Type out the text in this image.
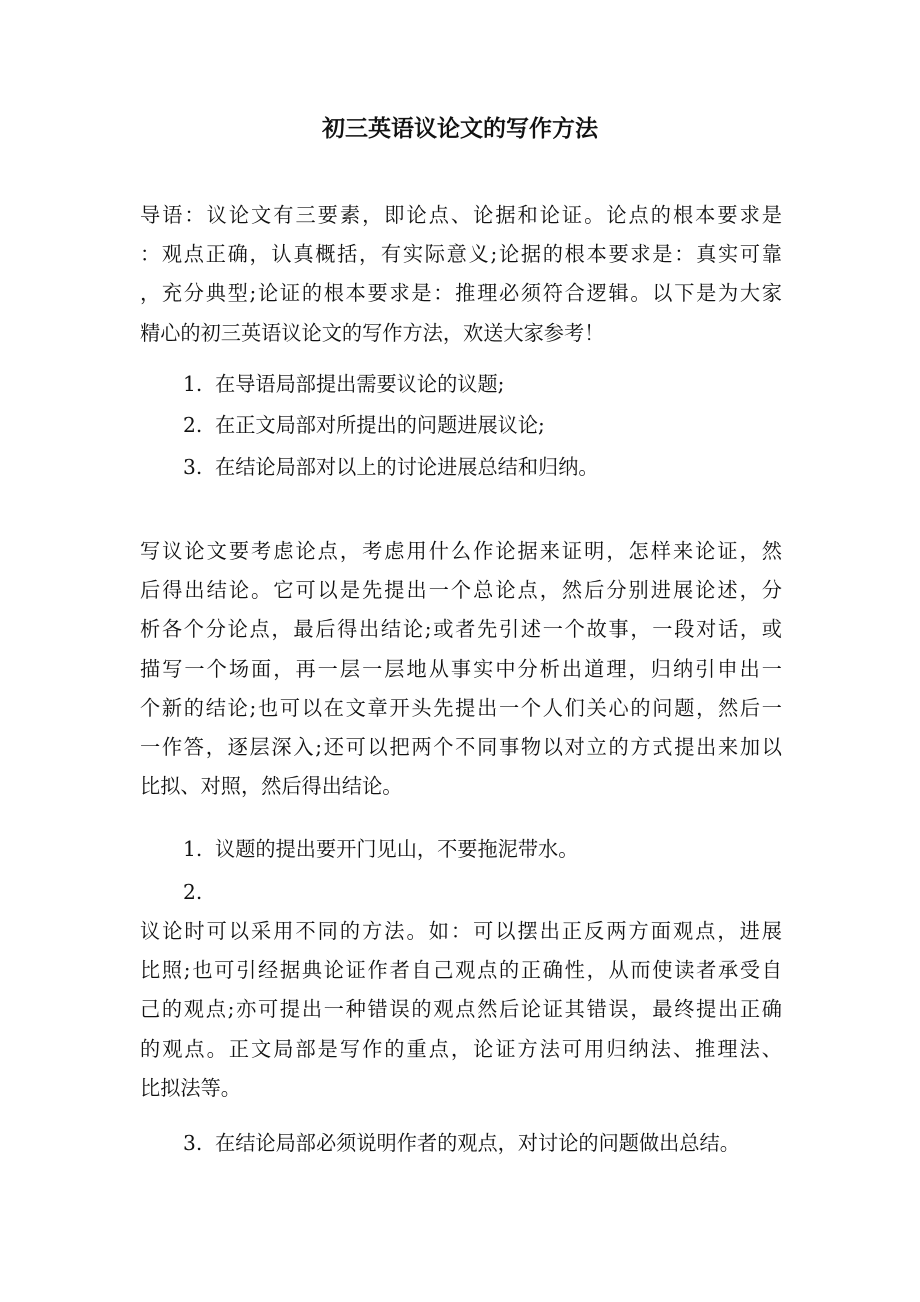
初三英语议论文的写作方法
导语：议论文有三要素，即论点、论据和论证。论点的根本要求是
：观点正确，认真概括，有实际意义;论据的根本要求是：真实可靠
，充分典型;论证的根本要求是：推理必须符合逻辑。以下是为大家
精心的初三英语议论文的写作方法，欢送大家参考！
1. 在导语局部提出需要议论的议题;
2. 在正文局部对所提出的问题进展议论;
3. 在结论局部对以上的讨论进展总结和归纳。
写议论文要考虑论点，考虑用什么作论据来证明，怎样来论证，然
后得出结论。它可以是先提出一个总论点，然后分别进展论述，分
析各个分论点，最后得出结论;或者先引述一个故事，一段对话，或
描写一个场面，再一层一层地从事实中分析出道理，归纳引申出一
个新的结论;也可以在文章开头先提出一个人们关心的问题，然后一
一作答，逐层深入;还可以把两个不同事物以对立的方式提出来加以
比拟、对照，然后得出结论。
1. 议题的提出要开门见山，不要拖泥带水。
2.
议论时可以采用不同的方法。如：可以摆出正反两方面观点，进展
比照;也可引经据典论证作者自己观点的正确性，从而使读者承受自
己的观点;亦可提出一种错误的观点然后论证其错误，最终提出正确
的观点。正文局部是写作的重点，论证方法可用归纳法、推理法、
比拟法等。
3. 在结论局部必须说明作者的观点，对讨论的问题做出总结。
